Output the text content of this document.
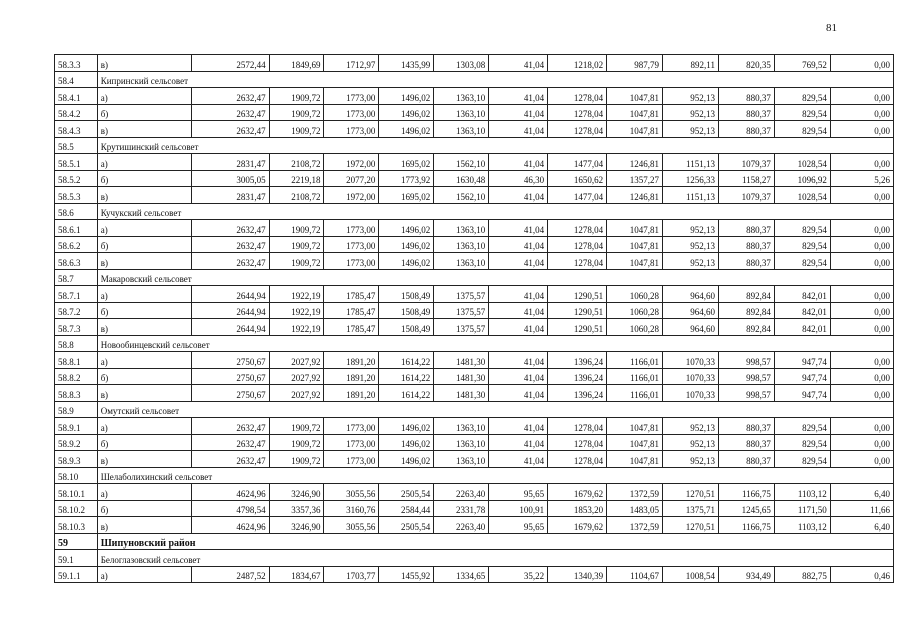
81
58.3.3	в)	2572,44	1849,69	1712,97	1435,99	1303,08	41,04	1218,02	987,79	892,11	820,35	769,52	0,00
58.4	Кипринский сельсовет												
58.4.1	а)	2632,47	1909,72	1773,00	1496,02	1363,10	41,04	1278,04	1047,81	952,13	880,37	829,54	0,00
58.4.2	б)	2632,47	1909,72	1773,00	1496,02	1363,10	41,04	1278,04	1047,81	952,13	880,37	829,54	0,00
58.4.3	в)	2632,47	1909,72	1773,00	1496,02	1363,10	41,04	1278,04	1047,81	952,13	880,37	829,54	0,00
58.5	Крутишинский сельсовет												
58.5.1	а)	2831,47	2108,72	1972,00	1695,02	1562,10	41,04	1477,04	1246,81	1151,13	1079,37	1028,54	0,00
58.5.2	б)	3005,05	2219,18	2077,20	1773,92	1630,48	46,30	1650,62	1357,27	1256,33	1158,27	1096,92	5,26
58.5.3	в)	2831,47	2108,72	1972,00	1695,02	1562,10	41,04	1477,04	1246,81	1151,13	1079,37	1028,54	0,00
58.6	Кучукский сельсовет												
58.6.1	а)	2632,47	1909,72	1773,00	1496,02	1363,10	41,04	1278,04	1047,81	952,13	880,37	829,54	0,00
58.6.2	б)	2632,47	1909,72	1773,00	1496,02	1363,10	41,04	1278,04	1047,81	952,13	880,37	829,54	0,00
58.6.3	в)	2632,47	1909,72	1773,00	1496,02	1363,10	41,04	1278,04	1047,81	952,13	880,37	829,54	0,00
58.7	Макаровский сельсовет												
58.7.1	а)	2644,94	1922,19	1785,47	1508,49	1375,57	41,04	1290,51	1060,28	964,60	892,84	842,01	0,00
58.7.2	б)	2644,94	1922,19	1785,47	1508,49	1375,57	41,04	1290,51	1060,28	964,60	892,84	842,01	0,00
58.7.3	в)	2644,94	1922,19	1785,47	1508,49	1375,57	41,04	1290,51	1060,28	964,60	892,84	842,01	0,00
58.8	Новообинцевский сельсовет												
58.8.1	а)	2750,67	2027,92	1891,20	1614,22	1481,30	41,04	1396,24	1166,01	1070,33	998,57	947,74	0,00
58.8.2	б)	2750,67	2027,92	1891,20	1614,22	1481,30	41,04	1396,24	1166,01	1070,33	998,57	947,74	0,00
58.8.3	в)	2750,67	2027,92	1891,20	1614,22	1481,30	41,04	1396,24	1166,01	1070,33	998,57	947,74	0,00
58.9	Омутский сельсовет												
58.9.1	а)	2632,47	1909,72	1773,00	1496,02	1363,10	41,04	1278,04	1047,81	952,13	880,37	829,54	0,00
58.9.2	б)	2632,47	1909,72	1773,00	1496,02	1363,10	41,04	1278,04	1047,81	952,13	880,37	829,54	0,00
58.9.3	в)	2632,47	1909,72	1773,00	1496,02	1363,10	41,04	1278,04	1047,81	952,13	880,37	829,54	0,00
58.10	Шелаболихинский сельсовет												
58.10.1	а)	4624,96	3246,90	3055,56	2505,54	2263,40	95,65	1679,62	1372,59	1270,51	1166,75	1103,12	6,40
58.10.2	б)	4798,54	3357,36	3160,76	2584,44	2331,78	100,91	1853,20	1483,05	1375,71	1245,65	1171,50	11,66
58.10.3	в)	4624,96	3246,90	3055,56	2505,54	2263,40	95,65	1679,62	1372,59	1270,51	1166,75	1103,12	6,40
59	Шипуновский район												
59.1	Белоглазовский сельсовет												
59.1.1	а)	2487,52	1834,67	1703,77	1455,92	1334,65	35,22	1340,39	1104,67	1008,54	934,49	882,75	0,46
